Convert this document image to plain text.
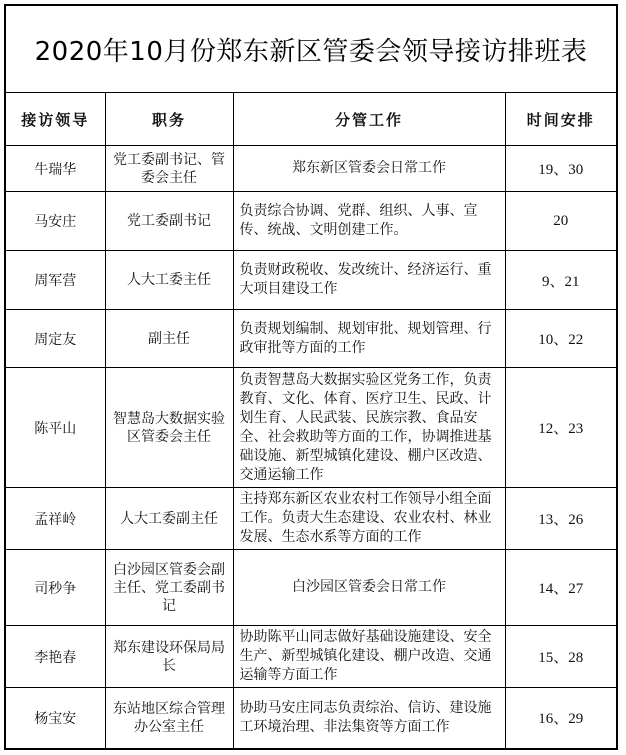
2020年10月份郑东新区管委会领导接访排班表
接访领导	职务	分管工作	时间安排
牛瑞华	党工委副书记、管委会主任	郑东新区管委会日常工作	19、30
马安庄	党工委副书记	负责综合协调、党群、组织、人事、宣传、统战、文明创建工作。	20
周军营	人大工委主任	负责财政税收、发改统计、经济运行、重大项目建设工作	9、21
周定友	副主任	负责规划编制、规划审批、规划管理、行政审批等方面的工作	10、22
陈平山	智慧岛大数据实验区管委会主任	负责智慧岛大数据实验区党务工作，负责教育、文化、体育、医疗卫生、民政、计划生育、人民武装、民族宗教、食品安全、社会救助等方面的工作，协调推进基础设施、新型城镇化建设、棚户区改造、交通运输工作	12、23
孟祥岭	人大工委副主任	主持郑东新区农业农村工作领导小组全面工作。负责大生态建设、农业农村、林业发展、生态水系等方面的工作	13、26
司秒争	白沙园区管委会副主任、党工委副书记	白沙园区管委会日常工作	14、27
李艳春	郑东建设环保局局长	协助陈平山同志做好基础设施建设、安全生产、新型城镇化建设、棚户改造、交通运输等方面工作	15、28
杨宝安	东站地区综合管理办公室主任	协助马安庄同志负责综治、信访、建设施工环境治理、非法集资等方面工作	16、29
